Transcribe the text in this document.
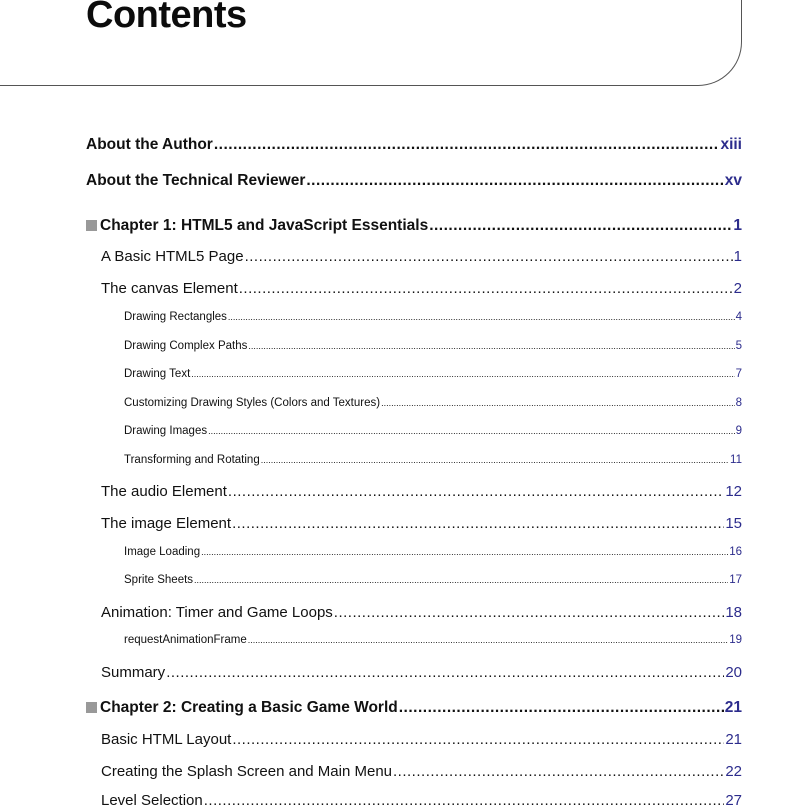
Contents
About the Author .....	xiii
About the Technical Reviewer .....	xv
Chapter 1: HTML5 and JavaScript Essentials .....	1
A Basic HTML5 Page .....	1
The canvas Element .....	2
Drawing Rectangles .....	4
Drawing Complex Paths .....	5
Drawing Text .....	7
Customizing Drawing Styles (Colors and Textures) .....	8
Drawing Images .....	9
Transforming and Rotating .....	11
The audio Element .....	12
The image Element .....	15
Image Loading .....	16
Sprite Sheets .....	17
Animation: Timer and Game Loops .....	18
requestAnimationFrame .....	19
Summary .....	20
Chapter 2: Creating a Basic Game World .....	21
Basic HTML Layout .....	21
Creating the Splash Screen and Main Menu .....	22
Level Selection .....	27
